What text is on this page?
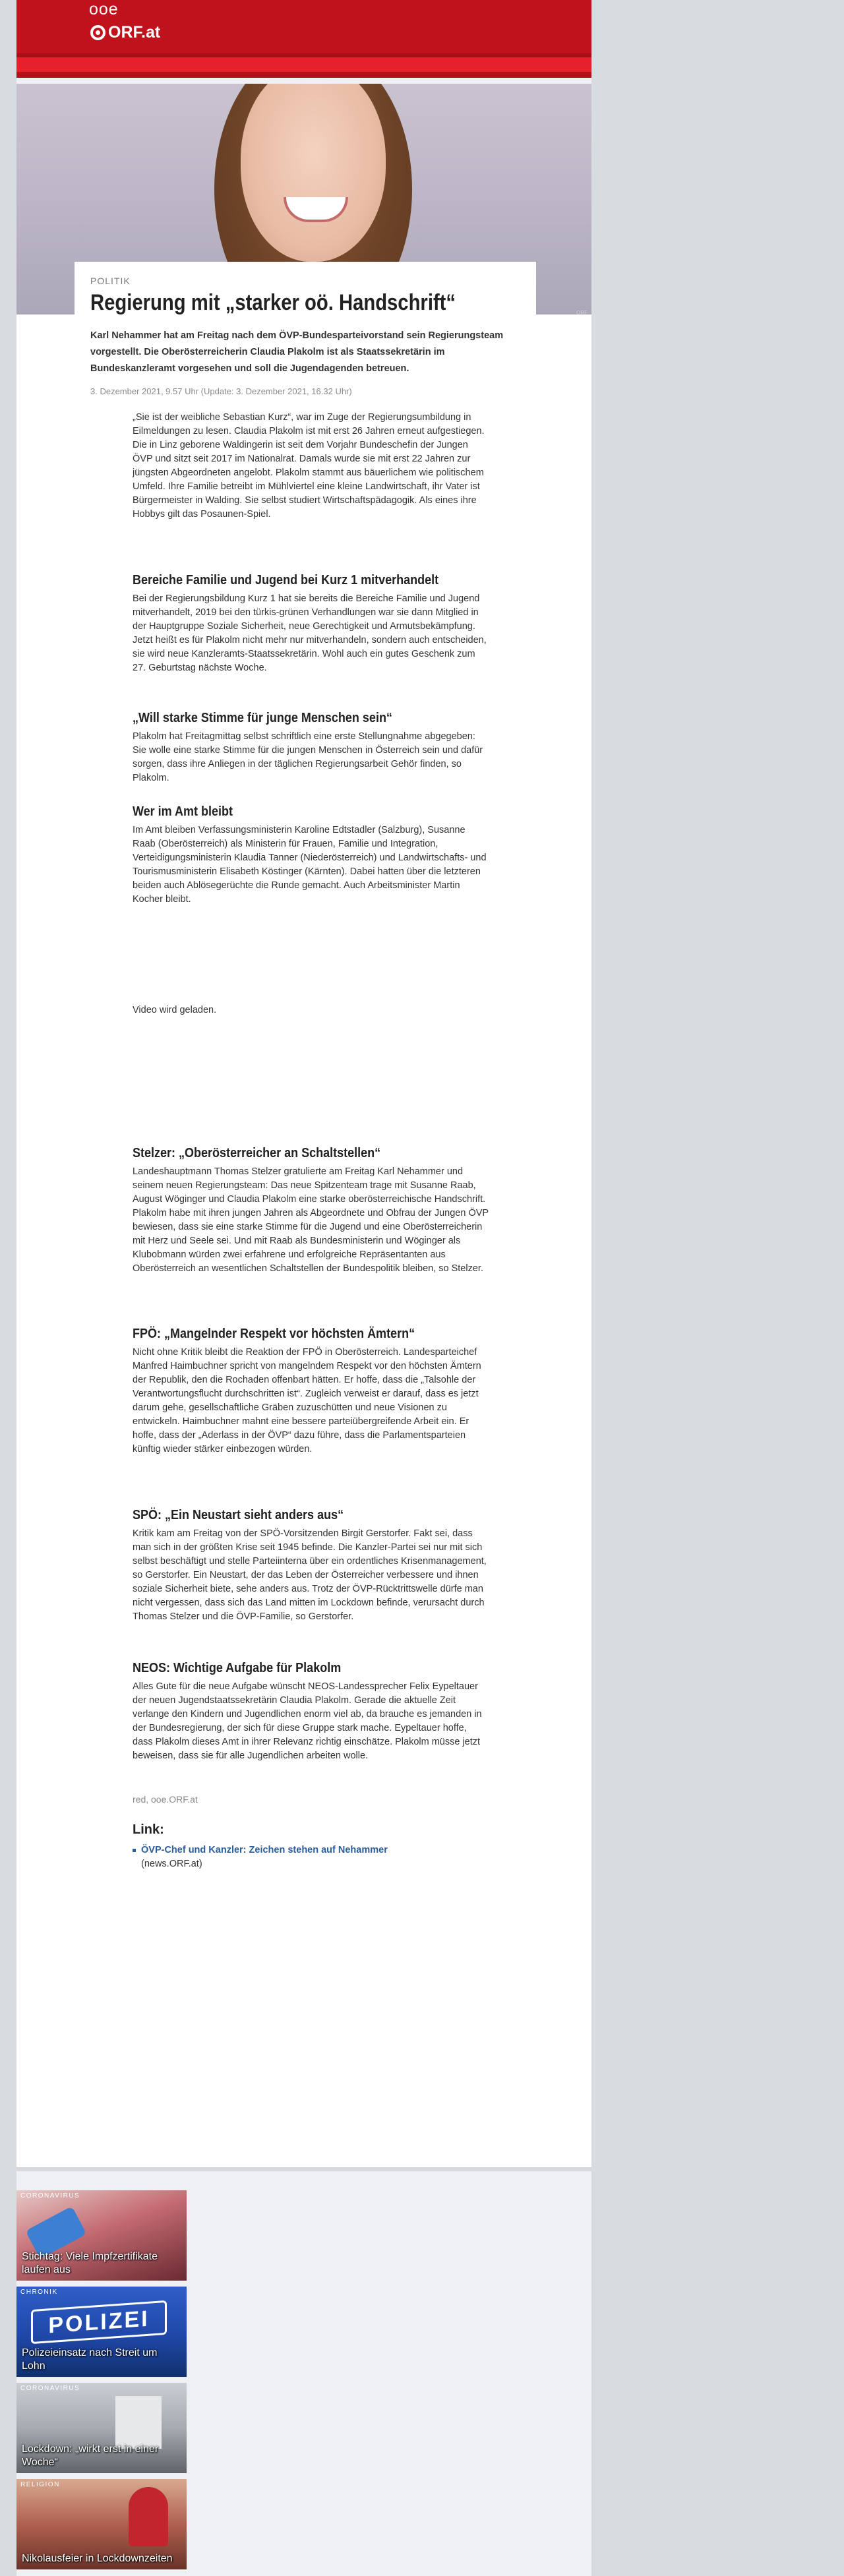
ooe
ORF.at
ORF
POLITIK
Regierung mit „starker oö. Handschrift“

Karl Nehammer hat am Freitag nach dem ÖVP-Bundesparteivorstand sein Regierungsteam vorgestellt. Die Oberösterreicherin Claudia Plakolm ist als Staatssekretärin im Bundeskanzleramt vorgesehen und soll die Jugendagenden betreuen.

3. Dezember 2021, 9.57 Uhr (Update: 3. Dezember 2021, 16.32 Uhr)

„Sie ist der weibliche Sebastian Kurz“, war im Zuge der Regierungsumbildung in Eilmeldungen zu lesen. Claudia Plakolm ist mit erst 26 Jahren erneut aufgestiegen. Die in Linz geborene Waldingerin ist seit dem Vorjahr Bundeschefin der Jungen ÖVP und sitzt seit 2017 im Nationalrat. Damals wurde sie mit erst 22 Jahren zur jüngsten Abgeordneten angelobt. Plakolm stammt aus bäuerlichem wie politischem Umfeld. Ihre Familie betreibt im Mühlviertel eine kleine Landwirtschaft, ihr Vater ist Bürgermeister in Walding. Sie selbst studiert Wirtschaftspädagogik. Als eines ihre Hobbys gilt das Posaunen-Spiel.

Bereiche Familie und Jugend bei Kurz 1 mitverhandelt

Bei der Regierungsbildung Kurz 1 hat sie bereits die Bereiche Familie und Jugend mitverhandelt, 2019 bei den türkis-grünen Verhandlungen war sie dann Mitglied in der Hauptgruppe Soziale Sicherheit, neue Gerechtigkeit und Armutsbekämpfung. Jetzt heißt es für Plakolm nicht mehr nur mitverhandeln, sondern auch entscheiden, sie wird neue Kanzleramts-Staatssekretärin. Wohl auch ein gutes Geschenk zum 27. Geburtstag nächste Woche.

„Will starke Stimme für junge Menschen sein“

Plakolm hat Freitagmittag selbst schriftlich eine erste Stellungnahme abgegeben: Sie wolle eine starke Stimme für die jungen Menschen in Österreich sein und dafür sorgen, dass ihre Anliegen in der täglichen Regierungsarbeit Gehör finden, so Plakolm.

Wer im Amt bleibt

Im Amt bleiben Verfassungsministerin Karoline Edtstadler (Salzburg), Susanne Raab (Oberösterreich) als Ministerin für Frauen, Familie und Integration, Verteidigungsministerin Klaudia Tanner (Niederösterreich) und Landwirtschafts- und Tourismusministerin Elisabeth Köstinger (Kärnten). Dabei hatten über die letzteren beiden auch Ablösegerüchte die Runde gemacht. Auch Arbeitsminister Martin Kocher bleibt.

Video wird geladen.
Stelzer: „Oberösterreicher an Schaltstellen“

Landeshauptmann Thomas Stelzer gratulierte am Freitag Karl Nehammer und seinem neuen Regierungsteam: Das neue Spitzenteam trage mit Susanne Raab, August Wöginger und Claudia Plakolm eine starke oberösterreichische Handschrift. Plakolm habe mit ihren jungen Jahren als Abgeordnete und Obfrau der Jungen ÖVP bewiesen, dass sie eine starke Stimme für die Jugend und eine Oberösterreicherin mit Herz und Seele sei. Und mit Raab als Bundesministerin und Wöginger als Klubobmann würden zwei erfahrene und erfolgreiche Repräsentanten aus Oberösterreich an wesentlichen Schaltstellen der Bundespolitik bleiben, so Stelzer.

FPÖ: „Mangelnder Respekt vor höchsten Ämtern“

Nicht ohne Kritik bleibt die Reaktion der FPÖ in Oberösterreich. Landesparteichef Manfred Haimbuchner spricht von mangelndem Respekt vor den höchsten Ämtern der Republik, den die Rochaden offenbart hätten. Er hoffe, dass die „Talsohle der Verantwortungsflucht durchschritten ist“. Zugleich verweist er darauf, dass es jetzt darum gehe, gesellschaftliche Gräben zuzuschütten und neue Visionen zu entwickeln. Haimbuchner mahnt eine bessere parteiübergreifende Arbeit ein. Er hoffe, dass der „Aderlass in der ÖVP“ dazu führe, dass die Parlamentsparteien künftig wieder stärker einbezogen würden.

SPÖ: „Ein Neustart sieht anders aus“

Kritik kam am Freitag von der SPÖ-Vorsitzenden Birgit Gerstorfer. Fakt sei, dass man sich in der größten Krise seit 1945 befinde. Die Kanzler-Partei sei nur mit sich selbst beschäftigt und stelle Parteiinterna über ein ordentliches Krisenmanagement, so Gerstorfer. Ein Neustart, der das Leben der Österreicher verbessere und ihnen soziale Sicherheit biete, sehe anders aus. Trotz der ÖVP-Rücktrittswelle dürfe man nicht vergessen, dass sich das Land mitten im Lockdown befinde, verursacht durch Thomas Stelzer und die ÖVP-Familie, so Gerstorfer.

NEOS: Wichtige Aufgabe für Plakolm

Alles Gute für die neue Aufgabe wünscht NEOS-Landessprecher Felix Eypeltauer der neuen Jugendstaatssekretärin Claudia Plakolm. Gerade die aktuelle Zeit verlange den Kindern und Jugendlichen enorm viel ab, da brauche es jemanden in der Bundesregierung, der sich für diese Gruppe stark mache. Eypeltauer hoffe, dass Plakolm dieses Amt in ihrer Relevanz richtig einschätze. Plakolm müsse jetzt beweisen, dass sie für alle Jugendlichen arbeiten wolle.

red, ooe.ORF.at
Link:
ÖVP-Chef und Kanzler: Zeichen stehen auf Nehammer
(news.ORF.at)
CORONAVIRUS
Stichtag: Viele Impfzertifikate laufen aus
POLIZEI
CHRONIK
Polizeieinsatz nach Streit um Lohn
CORONAVIRUS
Lockdown: „wirkt erst in einer Woche“
RELIGION
Nikolausfeier in Lockdownzeiten
